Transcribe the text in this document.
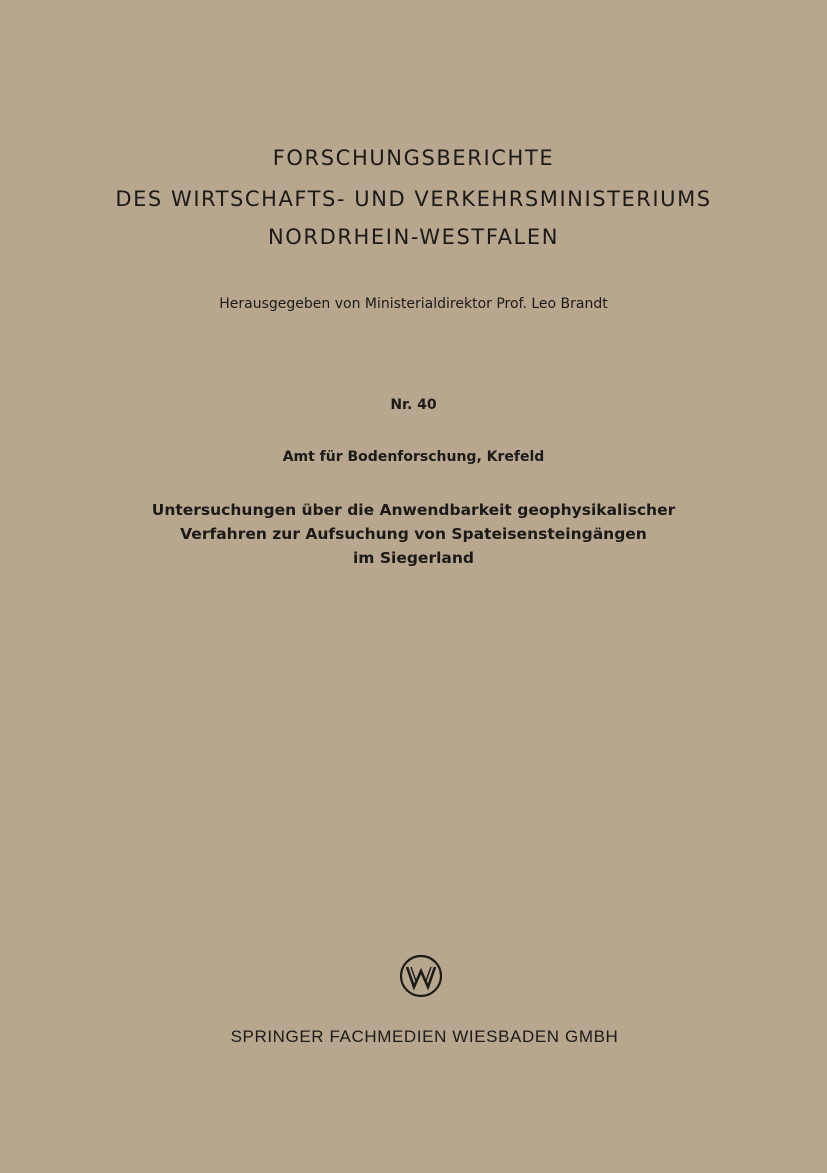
FORSCHUNGSBERICHTE
DES WIRTSCHAFTS- UND VERKEHRSMINISTERIUMS
NORDRHEIN-WESTFALEN
Herausgegeben von Ministerialdirektor Prof. Leo Brandt
Nr. 40
Amt für Bodenforschung, Krefeld
Untersuchungen über die Anwendbarkeit geophysikalischer
Verfahren zur Aufsuchung von Spateisensteingängen
im Siegerland
SPRINGER FACHMEDIEN WIESBADEN GMBH
